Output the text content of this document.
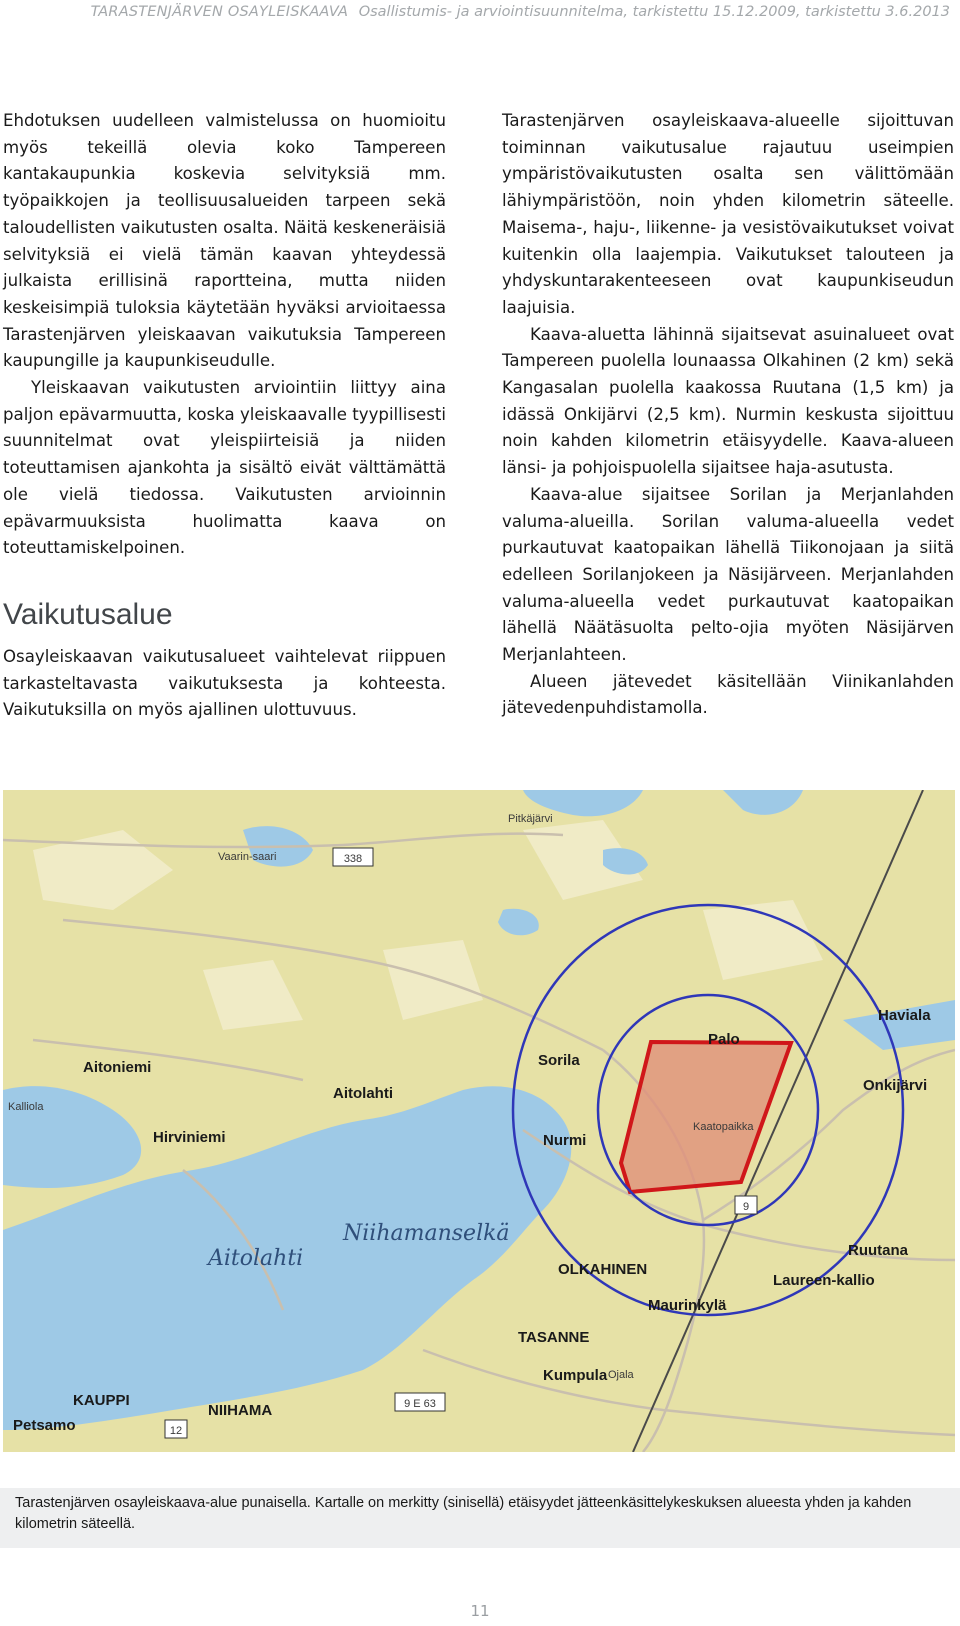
TARASTENJÄRVEN OSAYLEISKAAVA Osallistumis- ja arviointisuunnitelma, tarkistettu 15.12.2009, tarkistettu 3.6.2013

Ehdotuksen uudelleen valmistelussa on huomioitu myös tekeillä olevia koko Tampereen kantakaupunkia koskevia selvityksiä mm. työpaikkojen ja teollisuusalueiden tarpeen sekä taloudellisten vaikutusten osalta. Näitä keskeneräisiä selvityksiä ei vielä tämän kaavan yhteydessä julkaista erillisinä raportteina, mutta niiden keskeisimpiä tuloksia käytetään hyväksi arvioitaessa Tarastenjärven yleiskaavan vaikutuksia Tampereen kaupungille ja kaupunkiseudulle.

Yleiskaavan vaikutusten arviointiin liittyy aina paljon epävarmuutta, koska yleiskaavalle tyypillisesti suunnitelmat ovat yleispiirteisiä ja niiden toteuttamisen ajankohta ja sisältö eivät välttämättä ole vielä tiedossa. Vaikutusten arvioinnin epävarmuuksista huolimatta kaava on toteuttamiskelpoinen.

Vaikutusalue

Osayleiskaavan vaikutusalueet vaihtelevat riippuen tarkasteltavasta vaikutuksesta ja kohteesta. Vaikutuksilla on myös ajallinen ulottuvuus.

Tarastenjärven osayleiskaava-alueelle sijoittuvan toiminnan vaikutusalue rajautuu useimpien ympäristövaikutusten osalta sen välittömään lähiympäristöön, noin yhden kilometrin säteelle. Maisema-, haju-, liikenne- ja vesistövaikutukset voivat kuitenkin olla laajempia. Vaikutukset talouteen ja yhdyskuntarakenteeseen ovat kaupunkiseudun laajuisia.

Kaava-aluetta lähinnä sijaitsevat asuinalueet ovat Tampereen puolella lounaassa Olkahinen (2 km) sekä Kangasalan puolella kaakossa Ruutana (1,5 km) ja idässä Onkijärvi (2,5 km). Nurmin keskusta sijoittuu noin kahden kilometrin etäisyydelle. Kaava-alueen länsi- ja pohjoispuolella sijaitsee haja-asutusta.

Kaava-alue sijaitsee Sorilan ja Merjanlahden valuma-alueilla. Sorilan valuma-alueella vedet purkautuvat kaatopaikan lähellä Tiikonojaan ja siitä edelleen Sorilanjokeen ja Näsijärveen. Merjanlahden valuma-alueella vedet purkautuvat kaatopaikan lähellä Näätäsuolta pelto-ojia myöten Näsijärven Merjanlahteen.

Alueen jätevedet käsitellään Viinikanlahden jätevedenpuhdistamolla.

338
9
9 E 63
12
Pitkäjärvi
Vaarin-saari
Kalliola
Aitoniemi
Aitolahti
Hirviniemi
Sorila
Palo
Haviala
Onkijärvi
Nurmi
Kaatopaikka
Niihamanselkä
Aitolahti	OLKAHINEN
Ruutana
Laureen-kallio
Maurinkylä
TASANNE
Kumpula Ojala
KAUPPI
NIIHAMA
Petsamo
Tarastenjärven osayleiskaava-alue punaisella. Kartalle on merkitty (sinisellä) etäisyydet jätteenkäsittelykeskuksen alueesta yhden ja kahden kilometrin säteellä.
11
